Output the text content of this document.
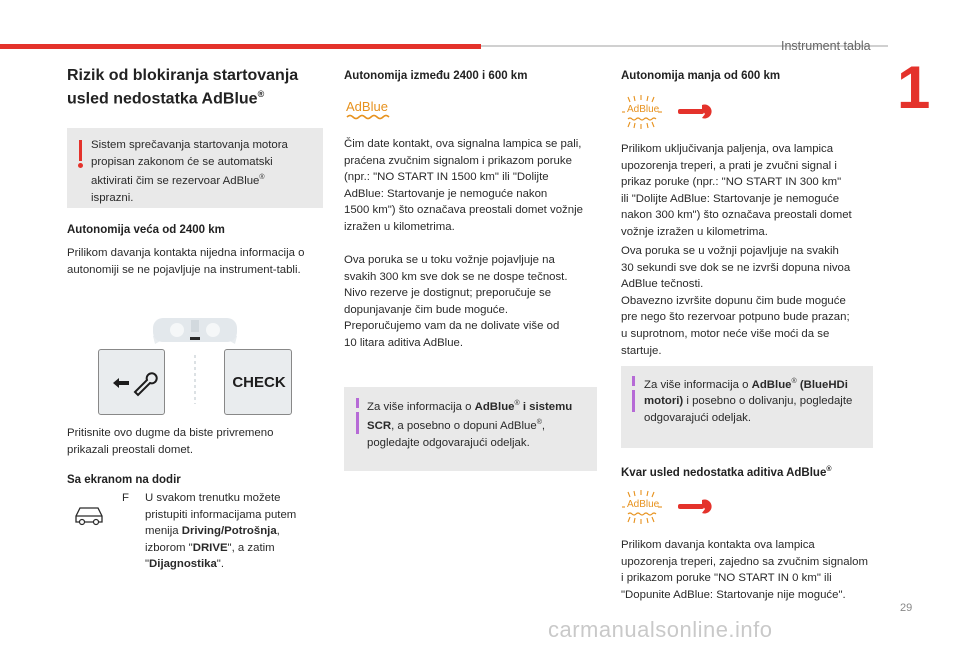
Instrument tabla
1
Rizik od blokiranja startovanja usled nedostatka AdBlue®
Sistem sprečavanja startovanja motora
propisan zakonom će se automatski
aktivirati čim se rezervoar AdBlue®
isprazni.
Autonomija veća od 2400 km
Prilikom davanja kontakta nijedna informacija o
autonomiji se ne pojavljuje na instrument-tabli.
CHECK
Pritisnite ovo dugme da biste privremeno
prikazali preostali domet.
Sa ekranom na dodir
F U svakom trenutku možete
pristupiti informacijama putem
menija Driving/Potrošnja,
izborom "DRIVE", a zatim
"Dijagnostika".
Autonomija između 2400 i 600 km
AdBlue
Čim date kontakt, ova signalna lampica se pali,
praćena zvučnim signalom i prikazom poruke
(npr.: "NO START IN 1500 km" ili "Dolijte
AdBlue: Startovanje je nemoguće nakon
1500 km") što označava preostali domet vožnje
izražen u kilometrima.
Ova poruka se u toku vožnje pojavljuje na
svakih 300 km sve dok se ne dospe tečnost.
Nivo rezerve je dostignut; preporučuje se
dopunjavanje čim bude moguće.
Preporučujemo vam da ne dolivate više od
10 litara aditiva AdBlue.
Za više informacija o AdBlue® i sistemu
SCR, a posebno o dopuni AdBlue®,
pogledajte odgovarajući odeljak.
Autonomija manja od 600 km
AdBlue
Prilikom uključivanja paljenja, ova lampica
upozorenja treperi, a prati je zvučni signal i
prikaz poruke (npr.: "NO START IN 300 km"
ili "Dolijte AdBlue: Startovanje je nemoguće
nakon 300 km") što označava preostali domet
vožnje izražen u kilometrima.
Ova poruka se u vožnji pojavljuje na svakih
30 sekundi sve dok se ne izvrši dopuna nivoa
AdBlue tečnosti.
Obavezno izvršite dopunu čim bude moguće
pre nego što rezervoar potpuno bude prazan;
u suprotnom, motor neće više moći da se
startuje.
Za više informacija o AdBlue® (BlueHDi
motori) i posebno o dolivanju, pogledajte
odgovarajući odeljak.
Kvar usled nedostatka aditiva AdBlue®
AdBlue
Prilikom davanja kontakta ova lampica
upozorenja treperi, zajedno sa zvučnim signalom
i prikazom poruke "NO START IN 0 km" ili
"Dopunite AdBlue: Startovanje nije moguće".
29
carmanualsonline.info
